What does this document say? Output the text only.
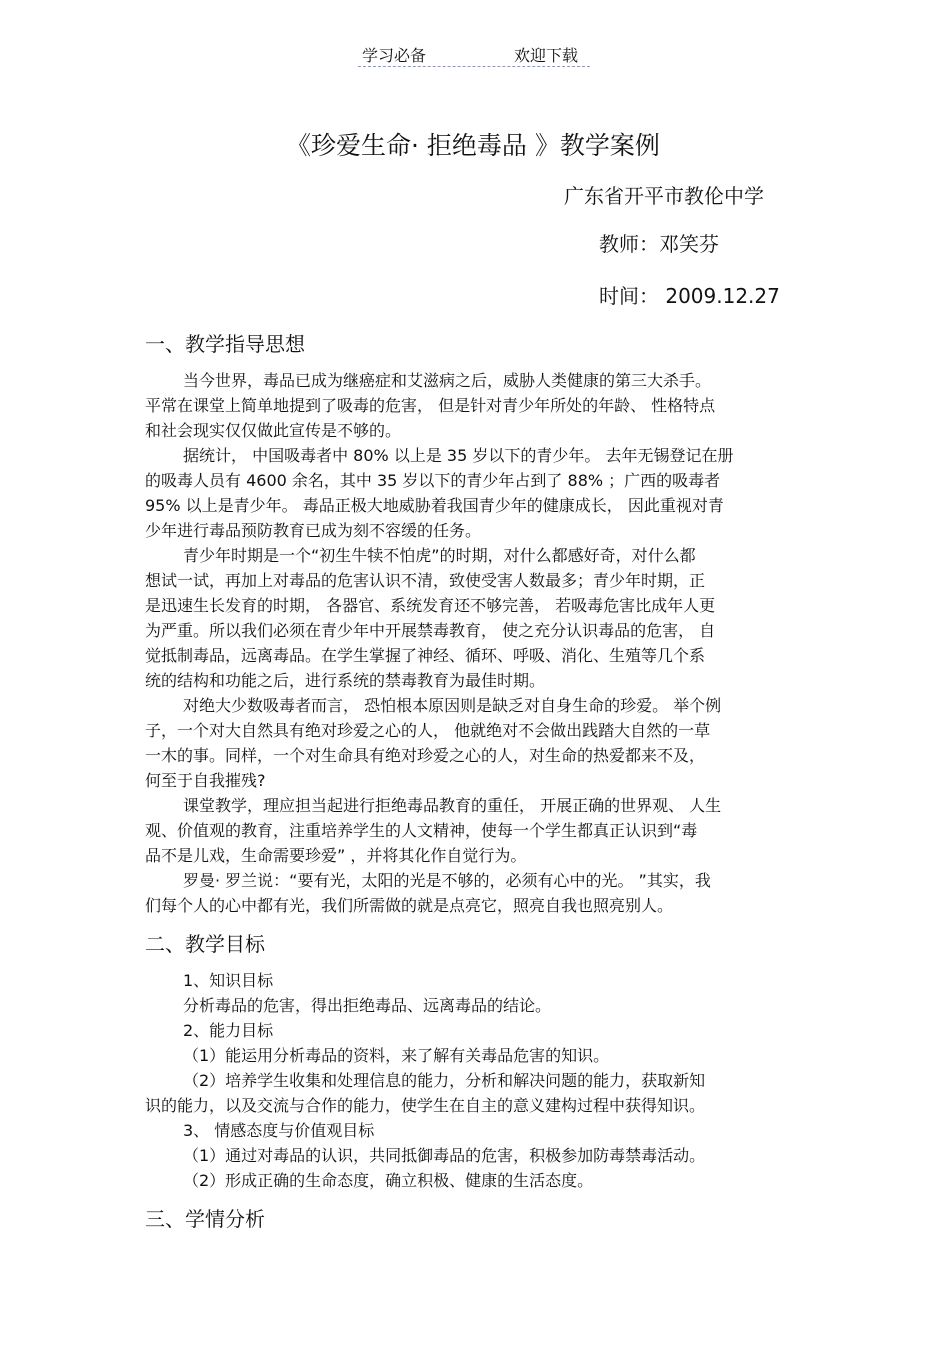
学习必备	欢迎下载
《珍爱生命· 拒绝毒品 》教学案例
广东省开平市教伦中学
教师：邓笑芬
时间： 2009.12.27
一、教学指导思想
当今世界，毒品已成为继癌症和艾滋病之后，威胁人类健康的第三大杀手。
平常在课堂上简单地提到了吸毒的危害， 但是针对青少年所处的年龄、 性格特点
和社会现实仅仅做此宣传是不够的。
据统计， 中国吸毒者中 80% 以上是 35 岁以下的青少年。 去年无锡登记在册
的吸毒人员有 4600 余名，其中 35 岁以下的青少年占到了 88% ；广西的吸毒者
95% 以上是青少年。 毒品正极大地威胁着我国青少年的健康成长， 因此重视对青
少年进行毒品预防教育已成为刻不容缓的任务。
青少年时期是一个“初生牛犊不怕虎”的时期，对什么都感好奇，对什么都
想试一试，再加上对毒品的危害认识不清，致使受害人数最多；青少年时期，正
是迅速生长发育的时期， 各器官、系统发育还不够完善， 若吸毒危害比成年人更
为严重。所以我们必须在青少年中开展禁毒教育， 使之充分认识毒品的危害， 自
觉抵制毒品，远离毒品。在学生掌握了神经、循环、呼吸、消化、生殖等几个系
统的结构和功能之后，进行系统的禁毒教育为最佳时期。
对绝大少数吸毒者而言， 恐怕根本原因则是缺乏对自身生命的珍爱。 举个例
子，一个对大自然具有绝对珍爱之心的人， 他就绝对不会做出践踏大自然的一草
一木的事。同样，一个对生命具有绝对珍爱之心的人，对生命的热爱都来不及，
何至于自我摧残?
课堂教学，理应担当起进行拒绝毒品教育的重任， 开展正确的世界观、 人生
观、价值观的教育，注重培养学生的人文精神，使每一个学生都真正认识到“毒
品不是儿戏，生命需要珍爱” ，并将其化作自觉行为。
罗曼· 罗兰说：“要有光，太阳的光是不够的，必须有心中的光。 ”其实，我
们每个人的心中都有光，我们所需做的就是点亮它，照亮自我也照亮别人。
二、教学目标
1、知识目标
分析毒品的危害，得出拒绝毒品、远离毒品的结论。
2、能力目标
（1）能运用分析毒品的资料，来了解有关毒品危害的知识。
（2）培养学生收集和处理信息的能力，分析和解决问题的能力，获取新知
识的能力，以及交流与合作的能力，使学生在自主的意义建构过程中获得知识。
3、 情感态度与价值观目标
（1）通过对毒品的认识，共同抵御毒品的危害，积极参加防毒禁毒活动。
（2）形成正确的生命态度，确立积极、健康的生活态度。
三、学情分析
